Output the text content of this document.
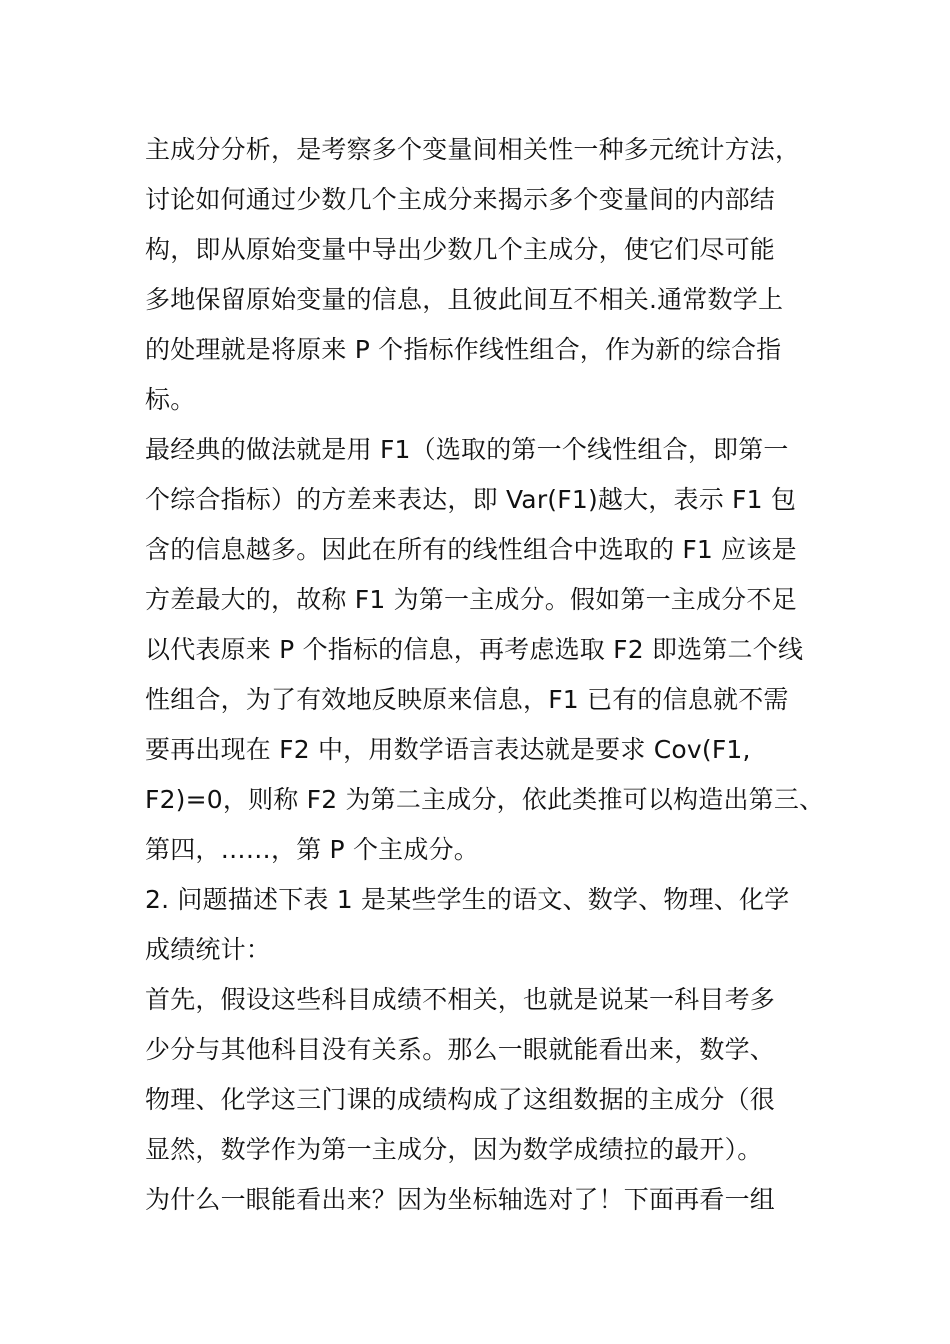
主成分分析，是考察多个变量间相关性一种多元统计方法，
讨论如何通过少数几个主成分来揭示多个变量间的内部结
构，即从原始变量中导出少数几个主成分，使它们尽可能
多地保留原始变量的信息，且彼此间互不相关.通常数学上
的处理就是将原来 P 个指标作线性组合，作为新的综合指
标。
最经典的做法就是用 F1（选取的第一个线性组合，即第一
个综合指标）的方差来表达，即 Var(F1)越大，表示 F1 包
含的信息越多。因此在所有的线性组合中选取的 F1 应该是
方差最大的，故称 F1 为第一主成分。假如第一主成分不足
以代表原来 P 个指标的信息，再考虑选取 F2 即选第二个线
性组合，为了有效地反映原来信息，F1 已有的信息就不需
要再出现在 F2 中，用数学语言表达就是要求 Cov(F1,
F2)=0，则称 F2 为第二主成分，依此类推可以构造出第三、
第四，……，第 P 个主成分。
2. 问题描述下表 1 是某些学生的语文、数学、物理、化学
成绩统计：
首先，假设这些科目成绩不相关，也就是说某一科目考多
少分与其他科目没有关系。那么一眼就能看出来，数学、
物理、化学这三门课的成绩构成了这组数据的主成分（很
显然，数学作为第一主成分，因为数学成绩拉的最开）。
为什么一眼能看出来？因为坐标轴选对了！下面再看一组
